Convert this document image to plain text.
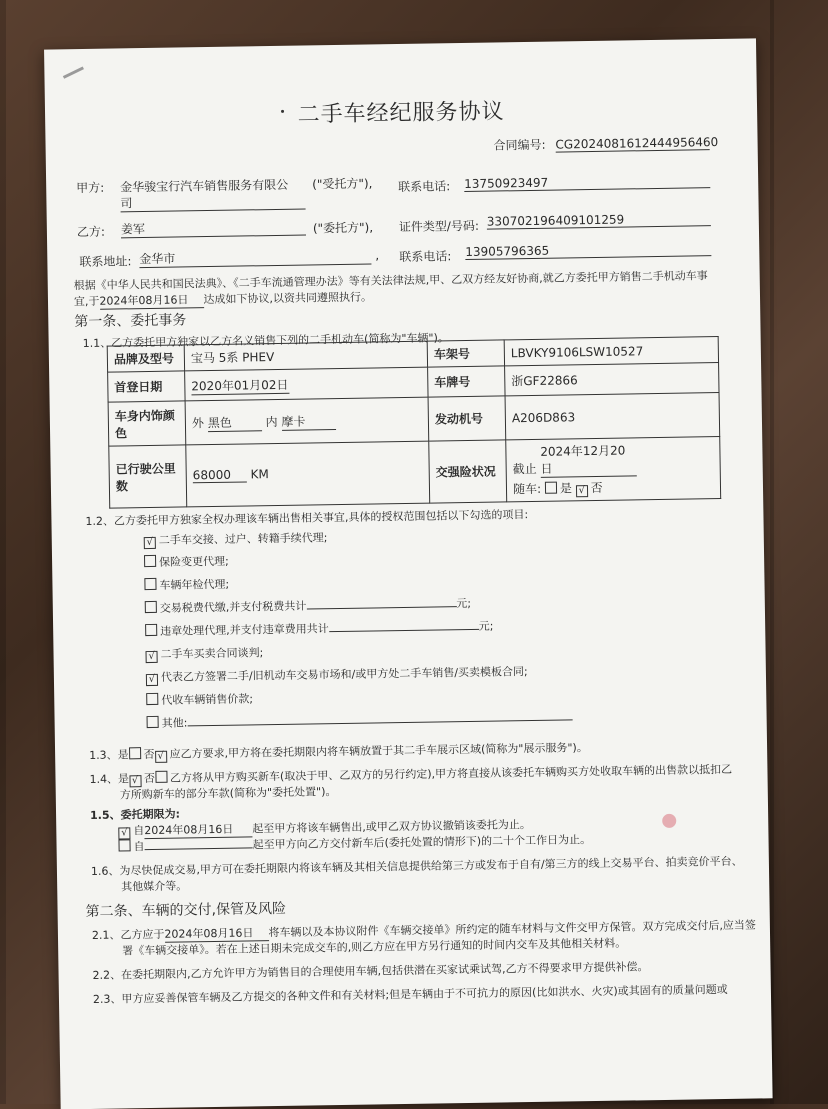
二手车经纪服务协议
合同编号: CG2024081612444956460
甲方: 金华骏宝行汽车销售服务有限公
司
("受托方"), 联系电话: 13750923497
乙方: 姜军	("委托方"), 证件类型/号码: 330702196409101259
联系地址: 金华市	, 联系电话: 13905796365
根据《中华人民共和国民法典》、《二手车流通管理办法》等有关法律法规,甲、乙双方经友好协商,就乙方委托甲方销售二手机动车事
宜,于2024年08月16日 达成如下协议,以资共同遵照执行。
第一条、委托事务
1.1、乙方委托甲方独家以乙方名义销售下列的二手机动车(简称为"车辆")。
品牌及型号	宝马 5系 PHEV	车架号	LBVKY9106LSW10527
首登日期	2020年01月02日	车牌号	浙GF22866
车身内饰颜色	外 黑色 内 摩卡	发动机号	A206D863
已行驶公里数	68000 KM	交强险状况	截止 2024年12月20日
随车: 是 √ 否
1.2、乙方委托甲方独家全权办理该车辆出售相关事宜,具体的授权范围包括以下勾选的项目:
√ 二手车交接、过户、转籍手续代理;
保险变更代理;
车辆年检代理;
交易税费代缴,并支付税费共计	元;
违章处理代理,并支付违章费用共计	元;
√ 二手车买卖合同谈判;
√ 代表乙方签署二手/旧机动车交易市场和/或甲方处二手车销售/买卖模板合同;
代收车辆销售价款;
其他:
1.3、是 否 √ 应乙方要求,甲方将在委托期限内将车辆放置于其二手车展示区域(简称为"展示服务")。
1.4、是 √ 否 乙方将从甲方购买新车(取决于甲、乙双方的另行约定),甲方将直接从该委托车辆购买方处收取车辆的出售款以抵扣乙
方所购新车的部分车款(简称为"委托处置")。
1.5、委托期限为:
√ 自2024年08月16日 起至甲方将该车辆售出,或甲乙双方协议撤销该委托为止。
自	起至甲方向乙方交付新车后(委托处置的情形下)的二十个工作日为止。
1.6、为尽快促成交易,甲方可在委托期限内将该车辆及其相关信息提供给第三方或发布于自有/第三方的线上交易平台、拍卖竞价平台、
其他媒介等。
第二条、车辆的交付,保管及风险
2.1、乙方应于2024年08月16日 将车辆以及本协议附件《车辆交接单》所约定的随车材料与文件交甲方保管。双方完成交付后,应当签
署《车辆交接单》。若在上述日期未完成交车的,则乙方应在甲方另行通知的时间内交车及其他相关材料。
2.2、在委托期限内,乙方允许甲方为销售目的合理使用车辆,包括供潜在买家试乘试驾,乙方不得要求甲方提供补偿。
2.3、甲方应妥善保管车辆及乙方提交的各种文件和有关材料;但是车辆由于不可抗力的原因(比如洪水、火灾)或其固有的质量问题或
